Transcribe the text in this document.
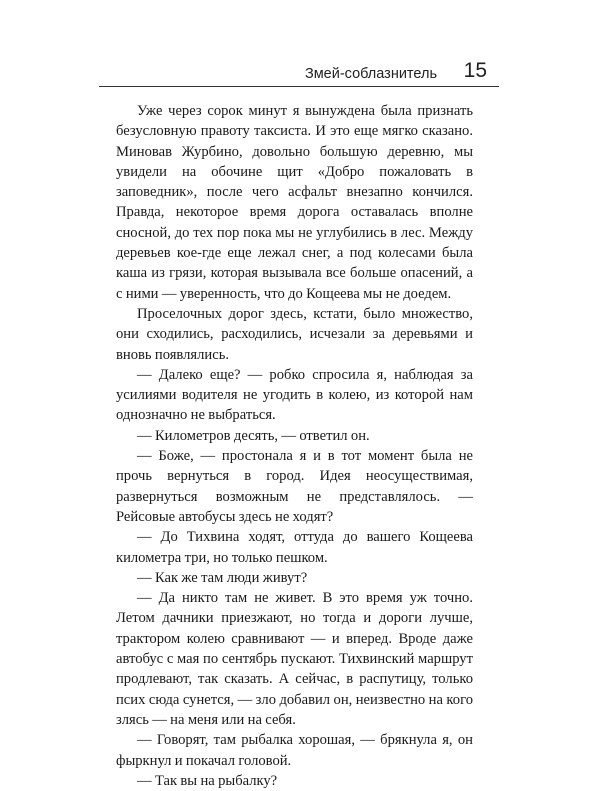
Змей-соблазнитель 15

Уже через сорок минут я вынуждена была признать безусловную правоту таксиста. И это еще мягко сказано. Миновав Журбино, довольно большую деревню, мы увидели на обочине щит «Добро пожаловать в заповедник», после чего асфальт внезапно кончился. Правда, некоторое время дорога оставалась вполне сносной, до тех пор пока мы не углубились в лес. Между деревьев кое-где еще лежал снег, а под колесами была каша из грязи, которая вызывала все больше опасений, а с ними — уверенность, что до Кощеева мы не доедем.

Проселочных дорог здесь, кстати, было множество, они сходились, расходились, исчезали за деревьями и вновь появлялись.

— Далеко еще? — робко спросила я, наблюдая за усилиями водителя не угодить в колею, из которой нам однозначно не выбраться.

— Километров десять, — ответил он.

— Боже, — простонала я и в тот момент была не прочь вернуться в город. Идея неосуществимая, развернуться возможным не представлялось. — Рейсовые автобусы здесь не ходят?

— До Тихвина ходят, оттуда до вашего Кощеева километра три, но только пешком.

— Как же там люди живут?

— Да никто там не живет. В это время уж точно. Летом дачники приезжают, но тогда и дороги лучше, трактором колею сравнивают — и вперед. Вроде даже автобус с мая по сентябрь пускают. Тихвинский маршрут продлевают, так сказать. А сейчас, в распутицу, только псих сюда сунется, — зло добавил он, неизвестно на кого злясь — на меня или на себя.

— Говорят, там рыбалка хорошая, — брякнула я, он фыркнул и покачал головой.

— Так вы на рыбалку?
